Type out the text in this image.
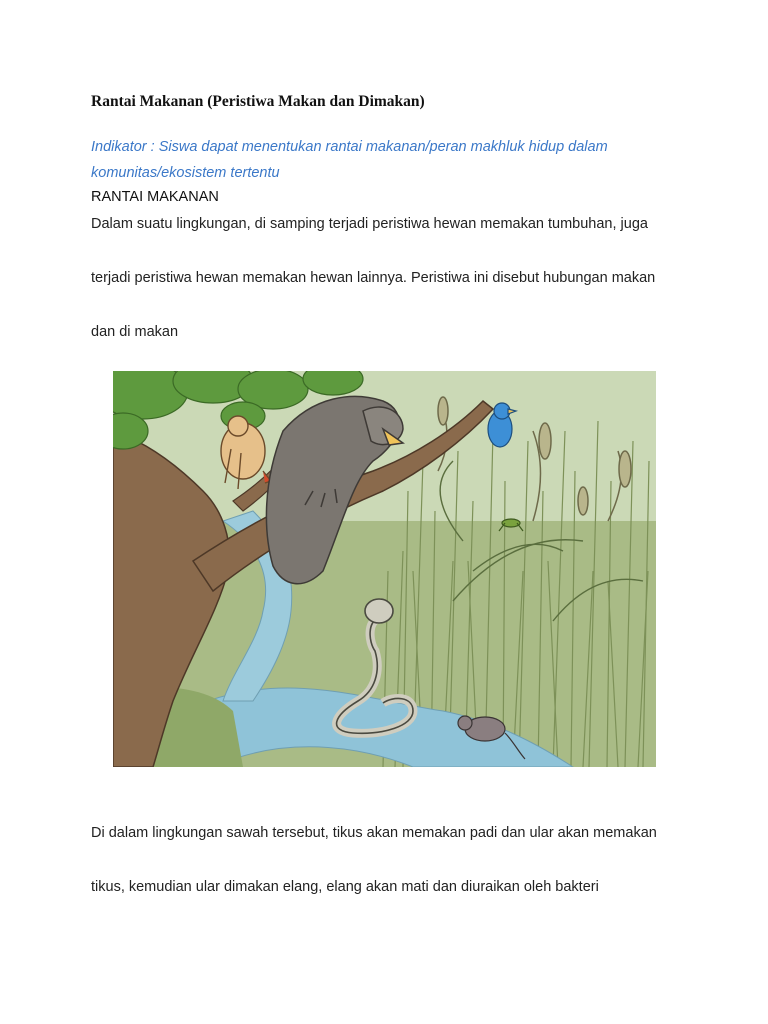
Rantai Makanan (Peristiwa Makan dan Dimakan)
Indikator : Siswa dapat menentukan rantai makanan/peran makhluk hidup dalam komunitas/ekosistem tertentu
RANTAI MAKANAN
Dalam suatu lingkungan, di samping terjadi peristiwa hewan memakan tumbuhan, juga
terjadi peristiwa hewan memakan hewan lainnya. Peristiwa ini disebut hubungan makan
dan di makan
Di dalam lingkungan sawah tersebut, tikus akan memakan padi dan ular akan memakan
tikus, kemudian ular dimakan elang, elang akan mati dan diuraikan oleh bakteri
